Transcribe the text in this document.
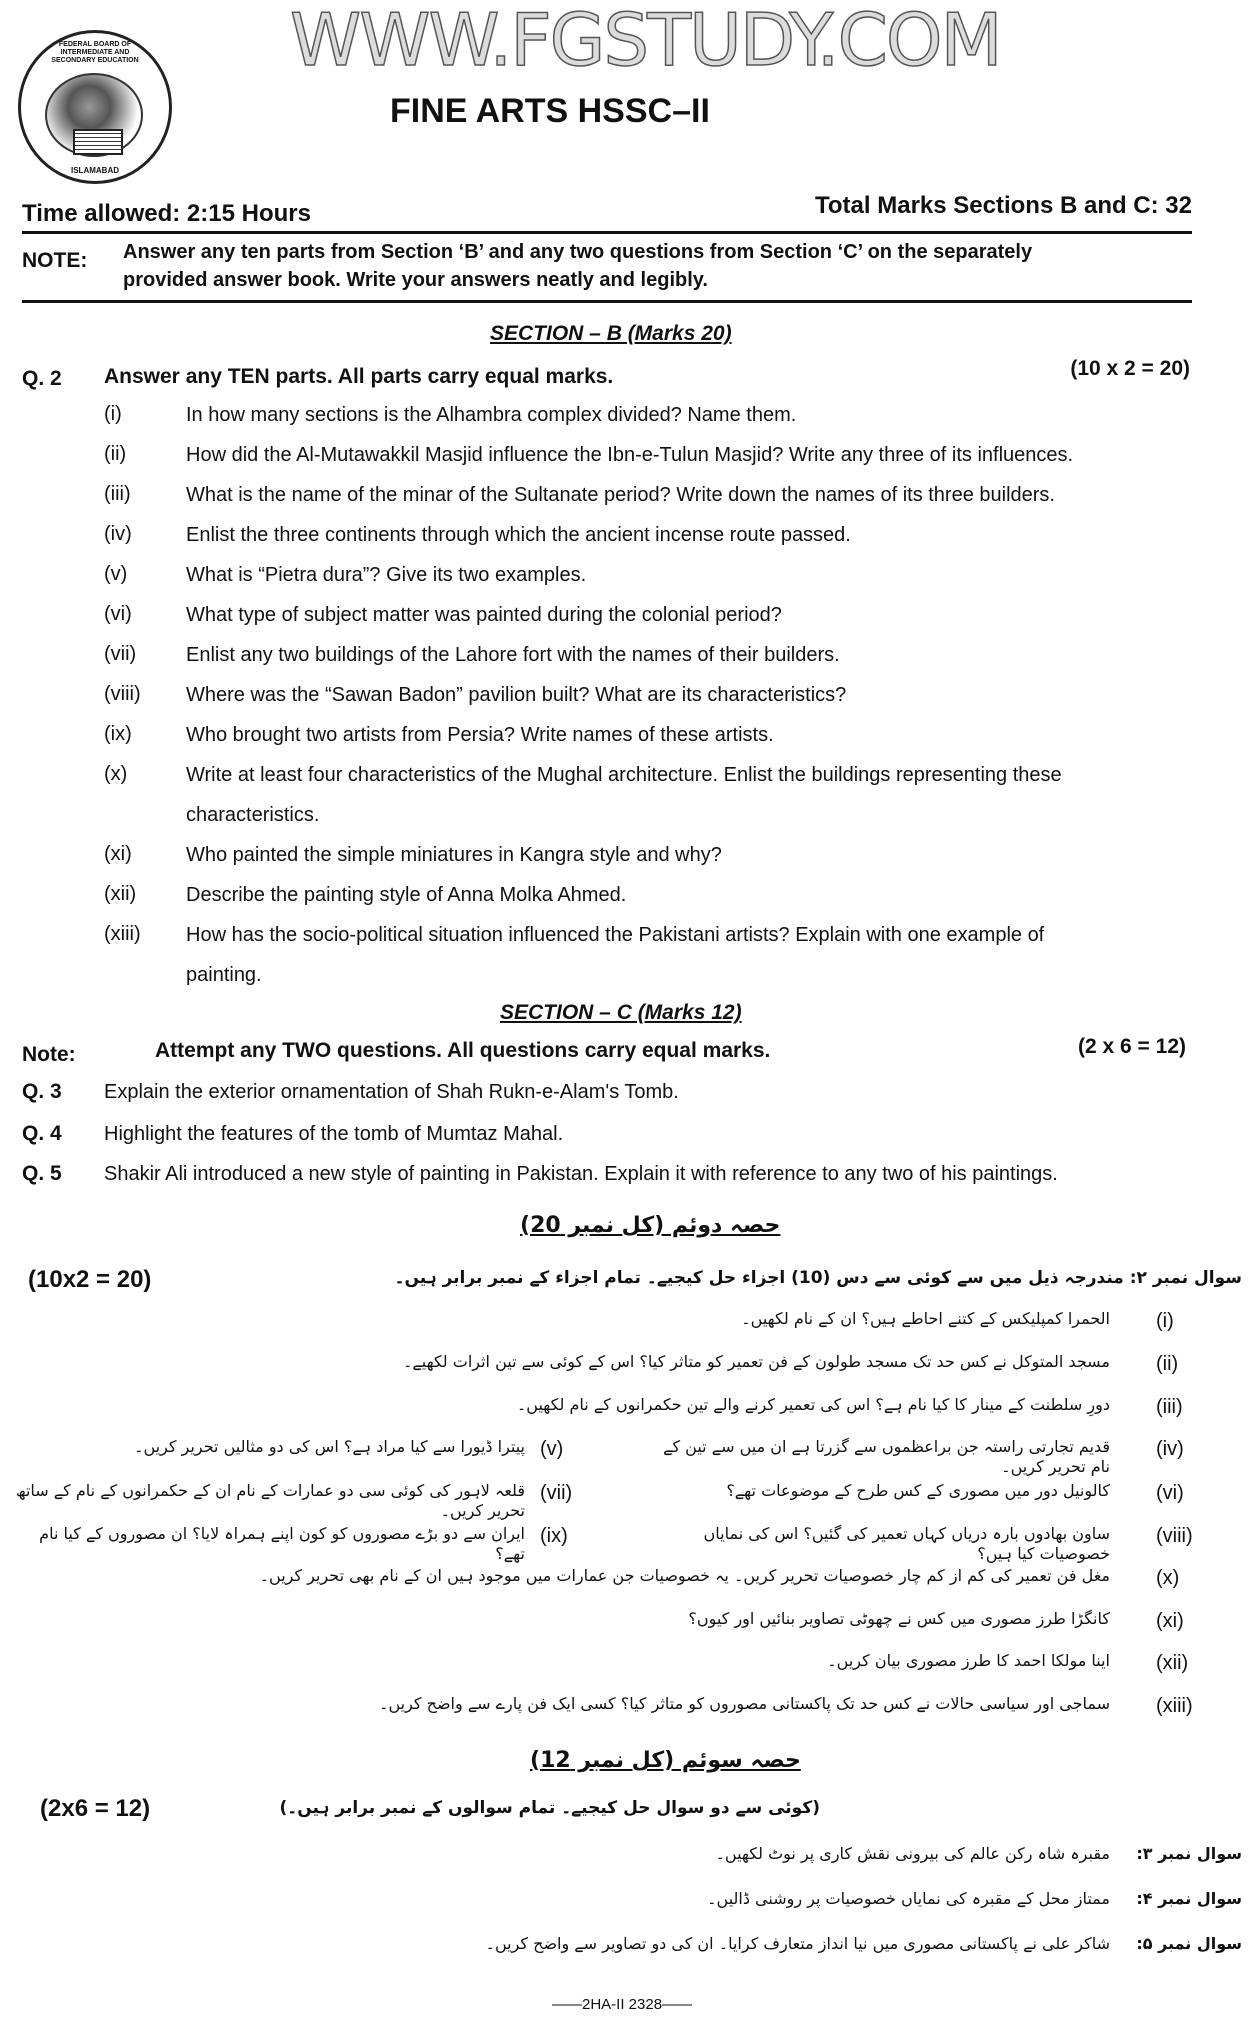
WWW.FGSTUDY.COM
FEDERAL BOARD OF INTERMEDIATE AND SECONDARY EDUCATION
ISLAMABAD
FINE ARTS HSSC–II
Time allowed: 2:15 Hours	Total Marks Sections B and C: 32
NOTE: Answer any ten parts from Section ‘B’ and any two questions from Section ‘C’ on the separately
provided answer book. Write your answers neatly and legibly.
SECTION – B (Marks 20)
Q. 2 Answer any TEN parts. All parts carry equal marks.	(10 x 2 = 20)
(i)	In how many sections is the Alhambra complex divided? Name them.
(ii)	How did the Al-Mutawakkil Masjid influence the Ibn-e-Tulun Masjid? Write any three of its influences.
(iii)	What is the name of the minar of the Sultanate period? Write down the names of its three builders.
(iv)	Enlist the three continents through which the ancient incense route passed.
(v)	What is “Pietra dura”? Give its two examples.
(vi)	What type of subject matter was painted during the colonial period?
(vii) Enlist any two buildings of the Lahore fort with the names of their builders.
(viii) Where was the “Sawan Badon” pavilion built? What are its characteristics?
(ix)	Who brought two artists from Persia? Write names of these artists.
(x)	Write at least four characteristics of the Mughal architecture. Enlist the buildings representing these
characteristics.
(xi)	Who painted the simple miniatures in Kangra style and why?
(xii) Describe the painting style of Anna Molka Ahmed.
(xiii) How has the socio-political situation influenced the Pakistani artists? Explain with one example of
painting.
SECTION – C (Marks 12)
Note:	Attempt any TWO questions. All questions carry equal marks.	(2 x 6 = 12)
Q. 3 Explain the exterior ornamentation of Shah Rukn-e-Alam's Tomb.
Q. 4 Highlight the features of the tomb of Mumtaz Mahal.
Q. 5 Shakir Ali introduced a new style of painting in Pakistan. Explain it with reference to any two of his paintings.
حصہ دوئم (کل نمبر 20)
(10x2 = 20)	سوال نمبر ۲: مندرجہ ذیل میں سے کوئی سے دس (10) اجزاء حل کیجیے۔ تمام اجزاء کے نمبر برابر ہیں۔
(i)
الحمرا کمپلیکس کے کتنے احاطے ہیں؟ ان کے نام لکھیں۔
(ii)
مسجد المتوکل نے کس حد تک مسجد طولون کے فن تعمیر کو متاثر کیا؟ اس کے کوئی سے تین اثرات لکھیے۔
(iii)
دورِ سلطنت کے مینار کا کیا نام ہے؟ اس کی تعمیر کرنے والے تین حکمرانوں کے نام لکھیں۔
(iv)
قدیم تجارتی راستہ جن براعظموں سے گزرتا ہے ان میں سے تین کے نام تحریر کریں۔
(v)
پیترا ڈیورا سے کیا مراد ہے؟ اس کی دو مثالیں تحریر کریں۔
(vi)
کالونیل دور میں مصوری کے کس طرح کے موضوعات تھے؟
(vii)
قلعہ لاہور کی کوئی سی دو عمارات کے نام ان کے حکمرانوں کے نام کے ساتھ تحریر کریں۔
(viii)
ساون بھادوں بارہ دریاں کہاں تعمیر کی گئیں؟ اس کی نمایاں خصوصیات کیا ہیں؟
(ix)
ایران سے دو بڑے مصوروں کو کون اپنے ہمراہ لایا؟ ان مصوروں کے کیا نام تھے؟
(x)
مغل فن تعمیر کی کم از کم چار خصوصیات تحریر کریں۔ یہ خصوصیات جن عمارات میں موجود ہیں ان کے نام بھی تحریر کریں۔
(xi)
کانگڑا طرز مصوری میں کس نے چھوٹی تصاویر بنائیں اور کیوں؟
(xii)
اینا مولکا احمد کا طرز مصوری بیان کریں۔
(xiii)
سماجی اور سیاسی حالات نے کس حد تک پاکستانی مصوروں کو متاثر کیا؟ کسی ایک فن پارے سے واضح کریں۔
حصہ سوئم (کل نمبر 12)
(2x6 = 12)	(کوئی سے دو سوال حل کیجیے۔ تمام سوالوں کے نمبر برابر ہیں۔)
سوال نمبر ۳:
مقبرہ شاہ رکن عالم کی بیرونی نقش کاری پر نوٹ لکھیں۔
سوال نمبر ۴:
ممتاز محل کے مقبرہ کی نمایاں خصوصیات پر روشنی ڈالیں۔
سوال نمبر ۵:
شاکر علی نے پاکستانی مصوری میں نیا انداز متعارف کرایا۔ ان کی دو تصاویر سے واضح کریں۔
——2HA-II 2328——
